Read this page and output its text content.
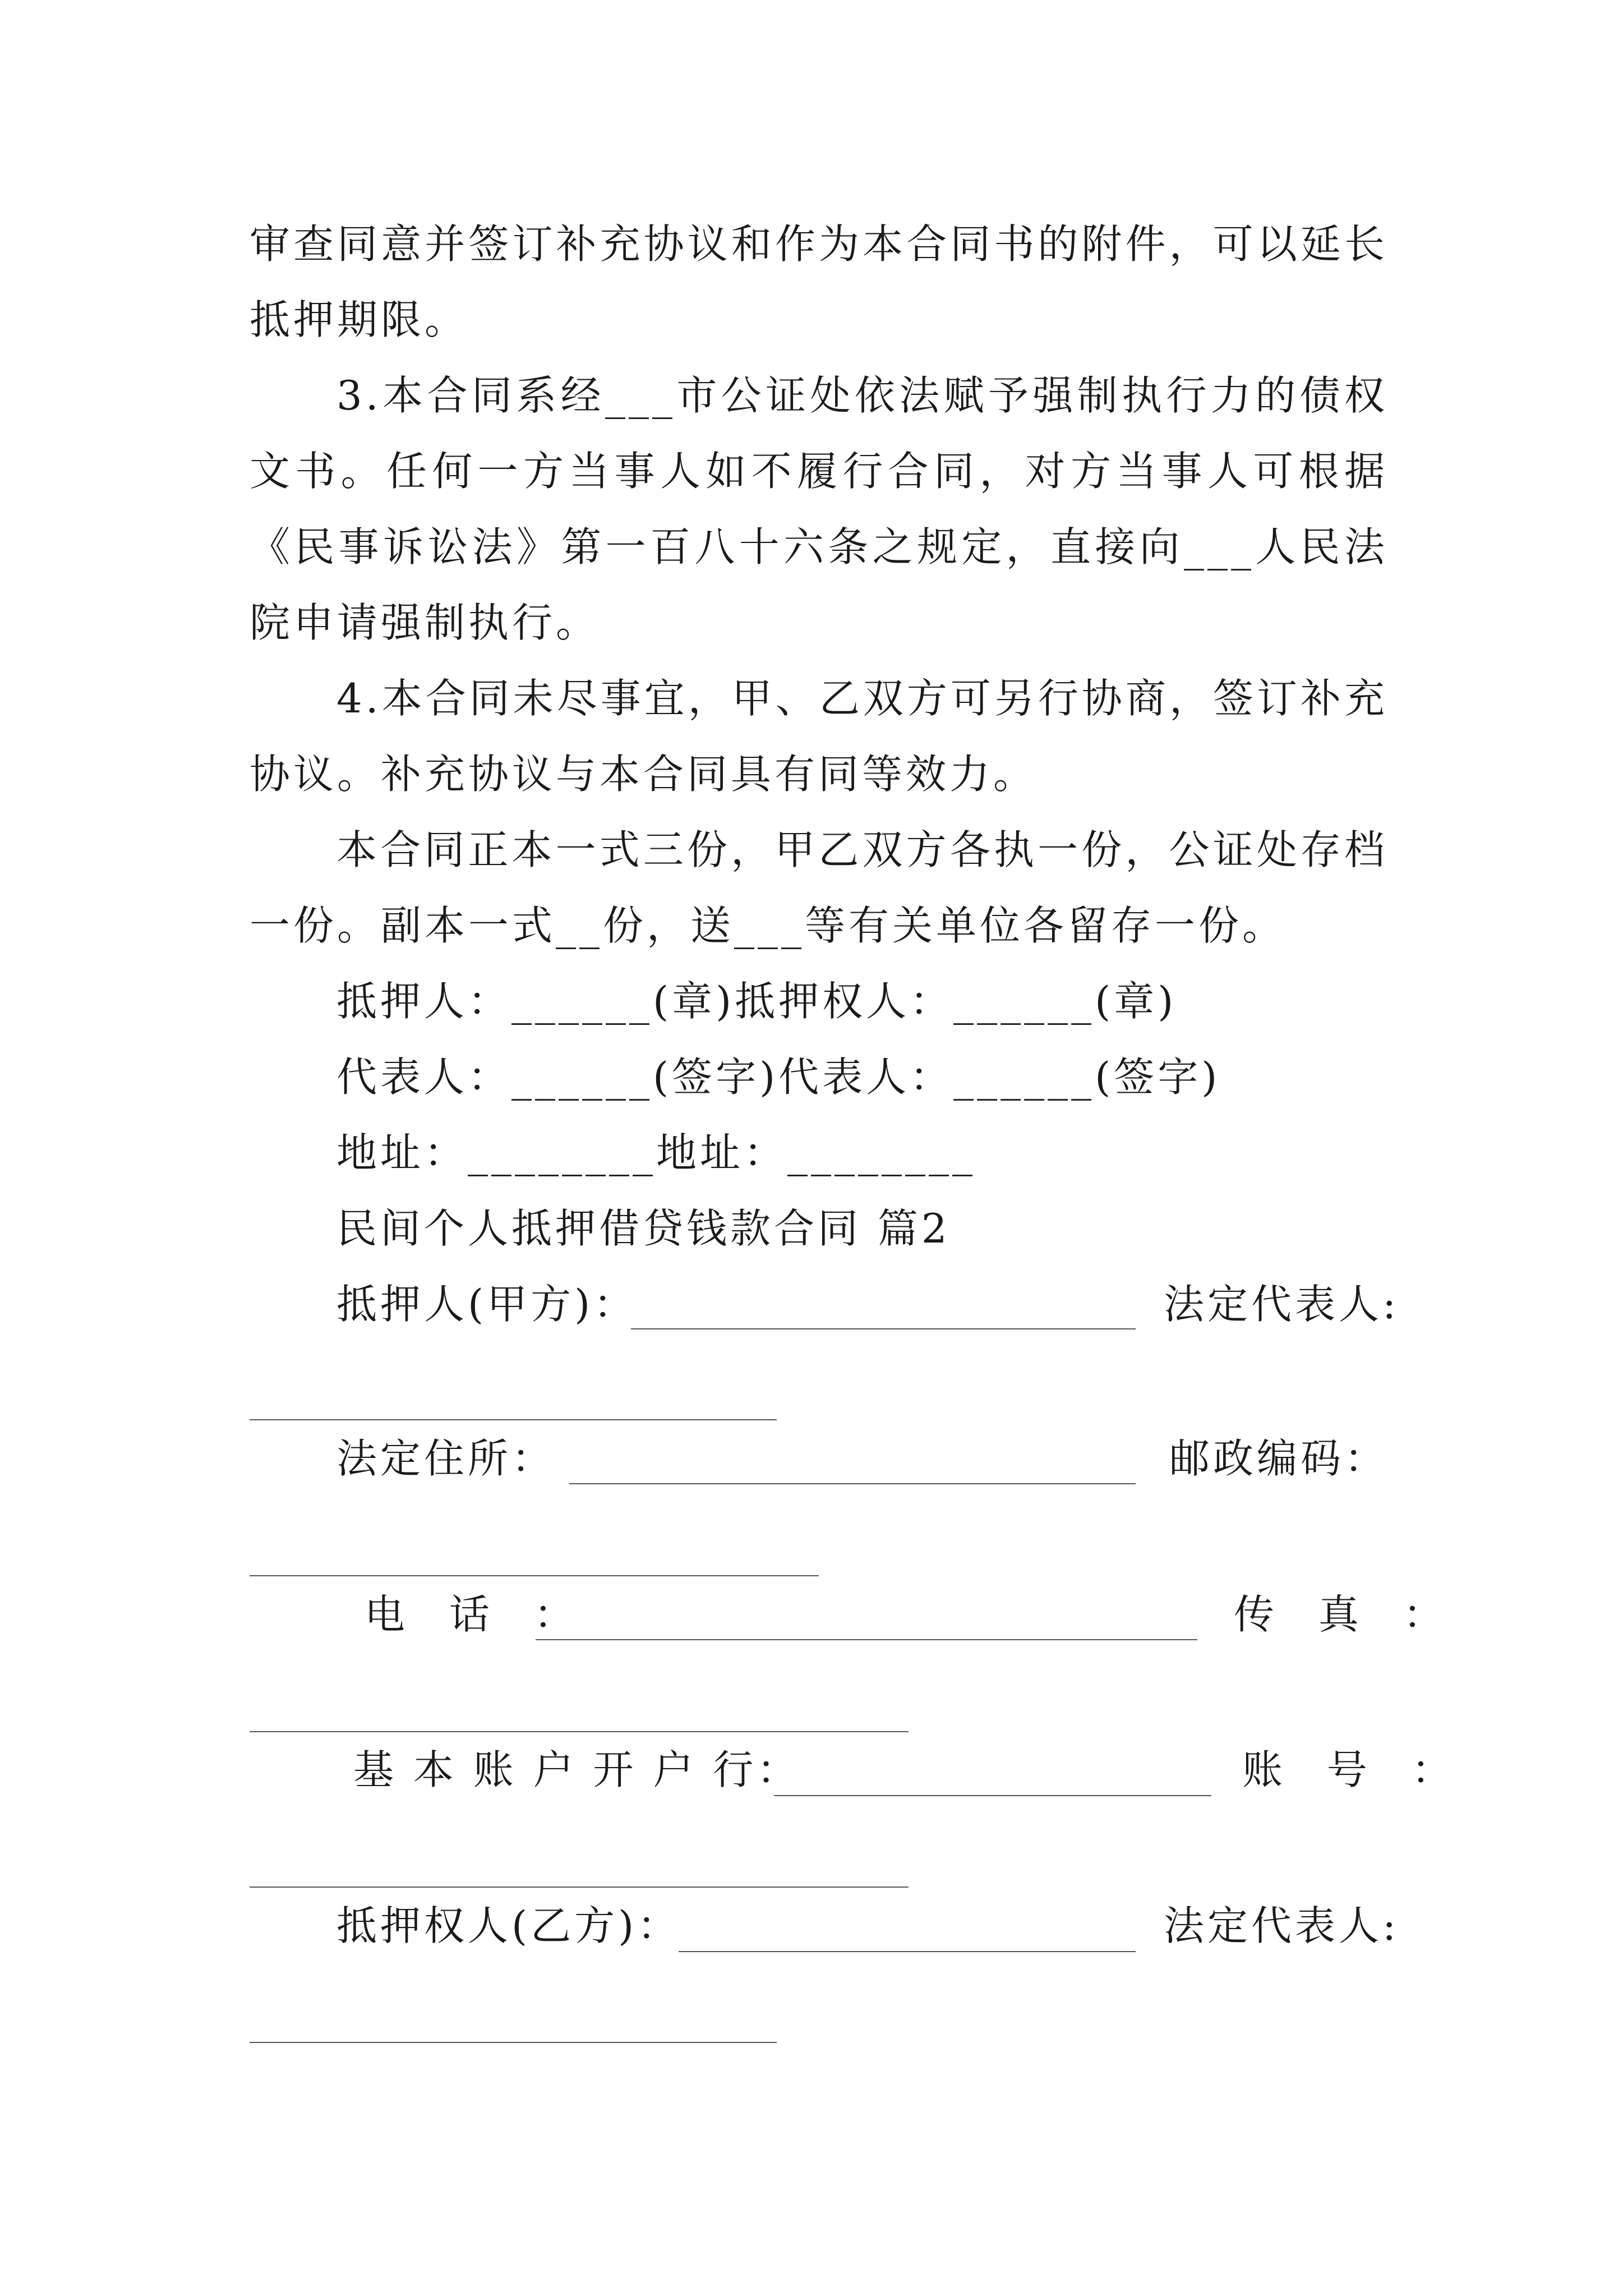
审查同意并签订补充协议和作为本合同书的附件，可以延长
抵押期限。
3.本合同系经___市公证处依法赋予强制执行力的债权
文书。任何一方当事人如不履行合同，对方当事人可根据
《民事诉讼法》第一百八十六条之规定，直接向___人民法
院申请强制执行。
4.本合同未尽事宜，甲、乙双方可另行协商，签订补充
协议。补充协议与本合同具有同等效力。
本合同正本一式三份，甲乙双方各执一份，公证处存档
一份。副本一式__份，送___等有关单位各留存一份。
抵押人：______(章)抵押权人：______(章)
代表人：______(签字)代表人：______(签字)
地址：________地址：________
民间个人抵押借贷钱款合同 篇2
抵押人(甲方)：	法定代表人:
法定住所：	邮政编码：
电 话 ：	传 真 ：
基 本 账 户 开 户 行：	账 号 ：
抵押权人(乙方)：	法定代表人:
